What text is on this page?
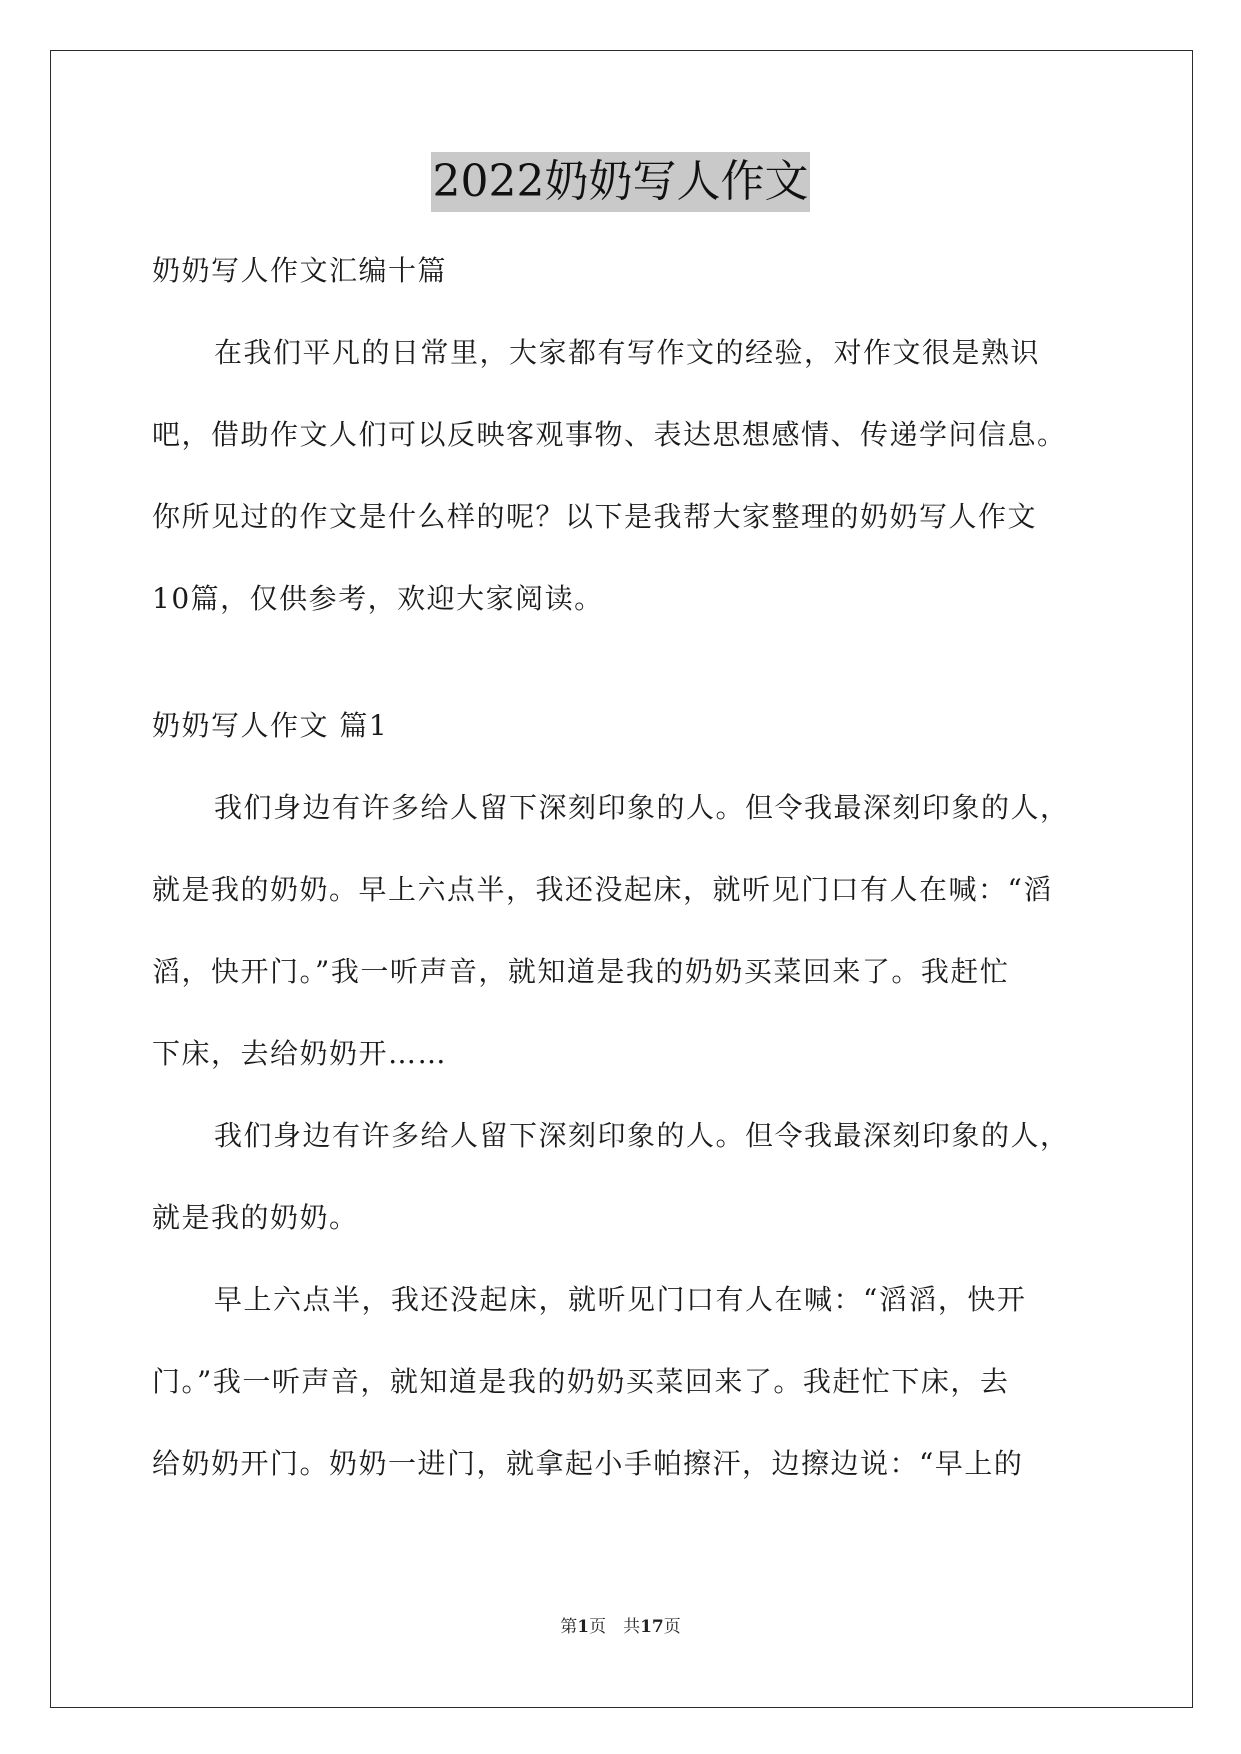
2022奶奶写人作文
奶奶写人作文汇编十篇
在我们平凡的日常里，大家都有写作文的经验，对作文很是熟识
吧，借助作文人们可以反映客观事物、表达思想感情、传递学问信息。
你所见过的作文是什么样的呢？以下是我帮大家整理的奶奶写人作文
10篇，仅供参考，欢迎大家阅读。
奶奶写人作文 篇1
我们身边有许多给人留下深刻印象的人。但令我最深刻印象的人，
就是我的奶奶。早上六点半，我还没起床，就听见门口有人在喊：“滔
滔，快开门。”我一听声音，就知道是我的奶奶买菜回来了。我赶忙
下床，去给奶奶开……
我们身边有许多给人留下深刻印象的人。但令我最深刻印象的人，
就是我的奶奶。
早上六点半，我还没起床，就听见门口有人在喊：“滔滔，快开
门。”我一听声音，就知道是我的奶奶买菜回来了。我赶忙下床，去
给奶奶开门。奶奶一进门，就拿起小手帕擦汗，边擦边说：“早上的
第1页　共17页
